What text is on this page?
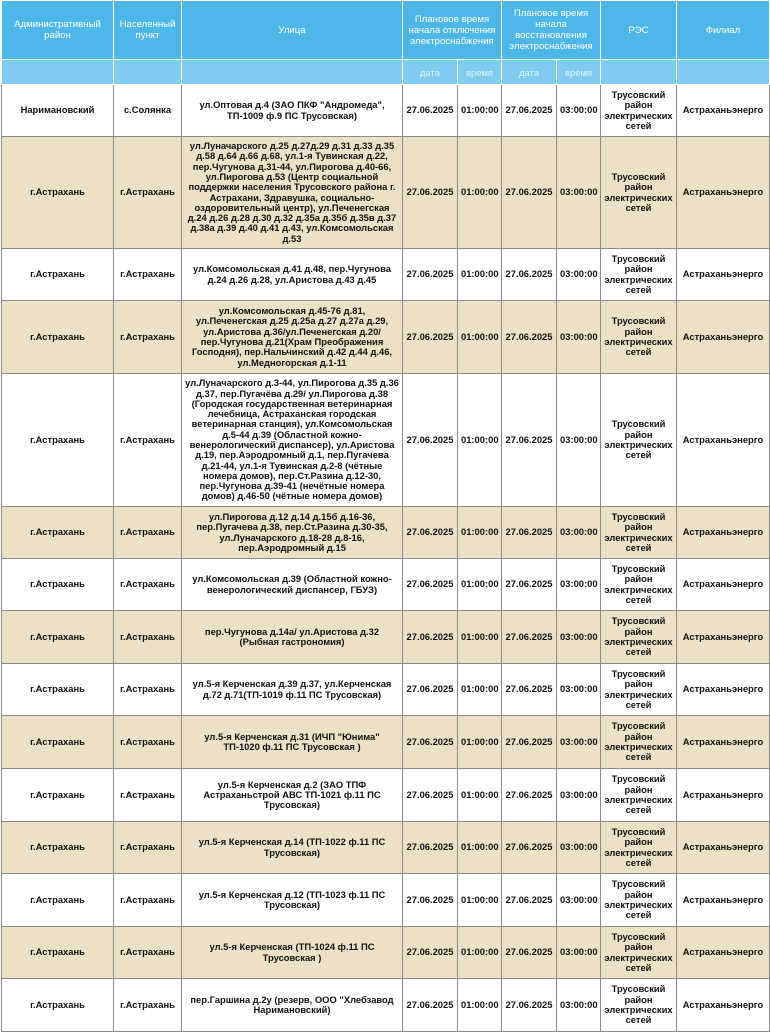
Административный район	Населенный пункт	Улица	Плановое время начала отключения электроснабжения		Плановое время начала восстановления электроснабжения		РЭС	Филиал
			дата	время	дата	время		
Наримановский	с.Солянка	ул.Оптовая д.4 (ЗАО ПКФ "Андромеда", ТП-1009 ф.9 ПС Трусовская)	27.06.2025	01:00:00	27.06.2025	03:00:00	Трусовский район электрических сетей	Астраханьэнерго
г.Астрахань	г.Астрахань	ул.Луначарского д.25 д.27д.29 д.31 д.33 д.35 д.58 д.64 д.66 д.68, ул.1-я Тувинская д.22, пер.Чугунова д.31-44, ул.Пирогова д.40-66, ул.Пирогова д.53 (Центр социальной поддержки населения Трусовского района г. Астрахани, Здравушка, социально-оздоровительный центр), ул.Печенегская д.24 д.26 д.28 д.30 д.32 д.35а д.35б д.35в д.37 д.38а д.39 д.40 д.41 д.43, ул.Комсомольская д.53	27.06.2025	01:00:00	27.06.2025	03:00:00	Трусовский район электрических сетей	Астраханьэнерго
г.Астрахань	г.Астрахань	ул.Комсомольская д.41 д.48, пер.Чугунова д.24 д.26 д.28, ул.Аристова д.43 д.45	27.06.2025	01:00:00	27.06.2025	03:00:00	Трусовский район электрических сетей	Астраханьэнерго
г.Астрахань	г.Астрахань	ул.Комсомольская д.45-76 д.81, ул.Печенегская д.25 д.25а д.27 д.27а д.29, ул.Аристова д.36/ул.Печенегская д.20/ пер.Чугунова д.21(Храм Преображения Господня), пер.Нальчинский д.42 д.44 д.46, ул.Медногорская д.1-11	27.06.2025	01:00:00	27.06.2025	03:00:00	Трусовский район электрических сетей	Астраханьэнерго
г.Астрахань	г.Астрахань	ул.Луначарского д.3-44, ул.Пирогова д.35 д.36 д.37, пер.Пугачёва д.29/ ул.Пирогова д.38 (Городская государственная ветеринарная лечебница, Астраханская городская ветеринарная станция), ул.Комсомольская д.5-44 д.39 (Областной кожно-венерологический диспансер), ул.Аристова д.19, пер.Аэродромный д.1, пер.Пугачева д.21-44, ул.1-я Тувинская д.2-8 (чётные номера домов), пер.Ст.Разина д.12-30, пер.Чугунова д.39-41 (нечётные номера домов) д.46-50 (чётные номера домов)	27.06.2025	01:00:00	27.06.2025	03:00:00	Трусовский район электрических сетей	Астраханьэнерго
г.Астрахань	г.Астрахань	ул.Пирогова д.12 д.14 д.15б д.16-36, пер.Пугачева д.38, пер.Ст.Разина д.30-35, ул.Луначарского д.18-28 д.8-16, пер.Аэродромный д.15	27.06.2025	01:00:00	27.06.2025	03:00:00	Трусовский район электрических сетей	Астраханьэнерго
г.Астрахань	г.Астрахань	ул.Комсомольская д.39 (Областной кожно-венерологический диспансер, ГБУЗ)	27.06.2025	01:00:00	27.06.2025	03:00:00	Трусовский район электрических сетей	Астраханьэнерго
г.Астрахань	г.Астрахань	пер.Чугунова д.14а/ ул.Аристова д.32 (Рыбная гастрономия)	27.06.2025	01:00:00	27.06.2025	03:00:00	Трусовский район электрических сетей	Астраханьэнерго
г.Астрахань	г.Астрахань	ул.5-я Керченская д.39 д.37, ул.Керченская д.72 д.71(ТП-1019 ф.11 ПС Трусовская)	27.06.2025	01:00:00	27.06.2025	03:00:00	Трусовский район электрических сетей	Астраханьэнерго
г.Астрахань	г.Астрахань	ул.5-я Керченская д.31 (ИЧП "Юнима" ТП-1020 ф.11 ПС Трусовская )	27.06.2025	01:00:00	27.06.2025	03:00:00	Трусовский район электрических сетей	Астраханьэнерго
г.Астрахань	г.Астрахань	ул.5-я Керченская д.2 (ЗАО ТПФ Астраханьстрой АВС ТП-1021 ф.11 ПС Трусовская)	27.06.2025	01:00:00	27.06.2025	03:00:00	Трусовский район электрических сетей	Астраханьэнерго
г.Астрахань	г.Астрахань	ул.5-я Керченская д.14 (ТП-1022 ф.11 ПС Трусовская)	27.06.2025	01:00:00	27.06.2025	03:00:00	Трусовский район электрических сетей	Астраханьэнерго
г.Астрахань	г.Астрахань	ул.5-я Керченская д.12 (ТП-1023 ф.11 ПС Трусовская)	27.06.2025	01:00:00	27.06.2025	03:00:00	Трусовский район электрических сетей	Астраханьэнерго
г.Астрахань	г.Астрахань	ул.5-я Керченская (ТП-1024 ф.11 ПС Трусовская )	27.06.2025	01:00:00	27.06.2025	03:00:00	Трусовский район электрических сетей	Астраханьэнерго
г.Астрахань	г.Астрахань	пер.Гаршина д.2у (резерв, ООО "Хлебзавод Наримановский)	27.06.2025	01:00:00	27.06.2025	03:00:00	Трусовский район электрических сетей	Астраханьэнерго
